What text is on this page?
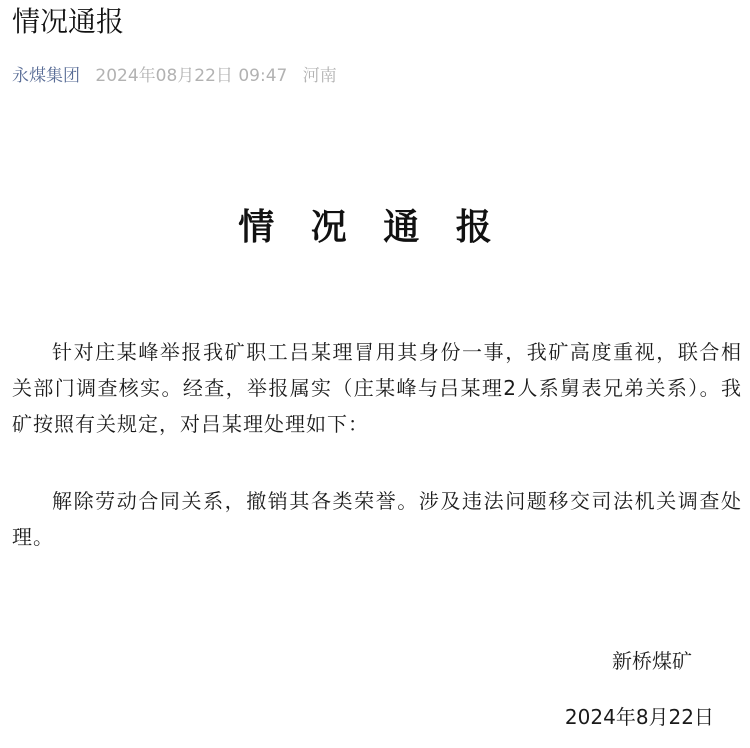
情况通报
永煤集团 2024年08月22日 09:47 河南
情 况 通 报

针对庄某峰举报我矿职工吕某理冒用其身份一事，我矿高度重视，联合相关部门调查核实。经查，举报属实（庄某峰与吕某理2人系舅表兄弟关系）。我矿按照有关规定，对吕某理处理如下：

解除劳动合同关系，撤销其各类荣誉。涉及违法问题移交司法机关调查处理。

新桥煤矿
2024年8月22日
